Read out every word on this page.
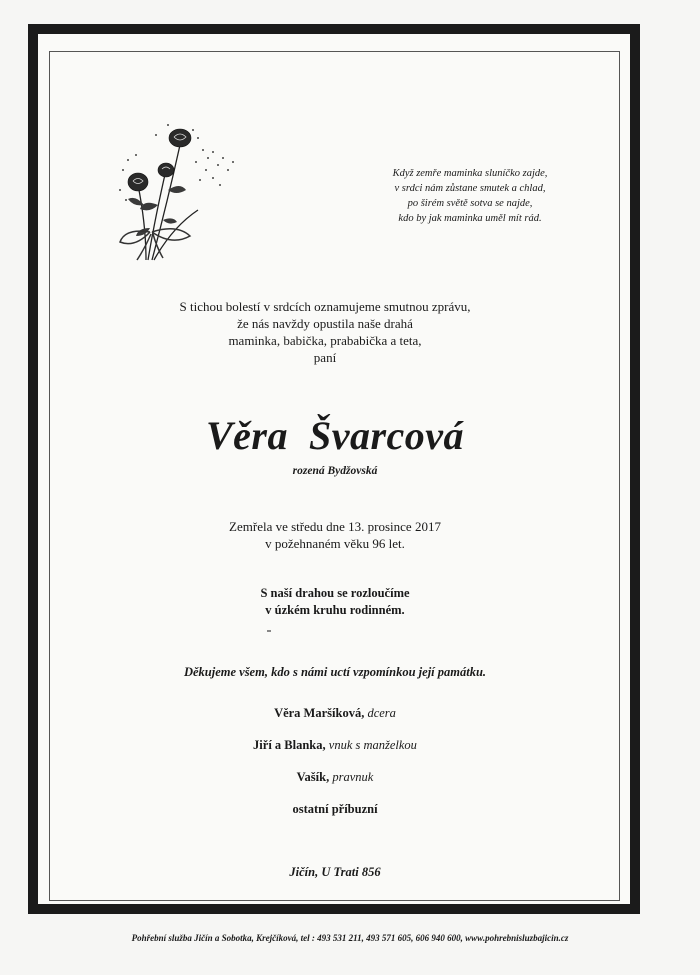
Když zemře maminka sluníčko zajde,
v srdci nám zůstane smutek a chlad,
po širém světě sotva se najde,
kdo by jak maminka uměl mít rád.
S tichou bolestí v srdcích oznamujeme smutnou zprávu,
že nás navždy opustila naše drahá
maminka, babička, prababička a teta,
paní
Věra  Švarcová
rozená Bydžovská
Zemřela ve středu dne 13. prosince 2017
v požehnaném věku 96 let.
S naší drahou se rozloučíme
v úzkém kruhu rodinném.
Děkujeme všem, kdo s námi uctí vzpomínkou její památku.
Věra Maršíková, dcera
Jiří a Blanka, vnuk s manželkou
Vašík, pravnuk
ostatní příbuzní
Jičín, U Trati 856
Pohřební služba Jičín a Sobotka, Krejčíková, tel : 493 531 211, 493 571 605, 606 940 600, www.pohrebnisluzbajicin.cz
